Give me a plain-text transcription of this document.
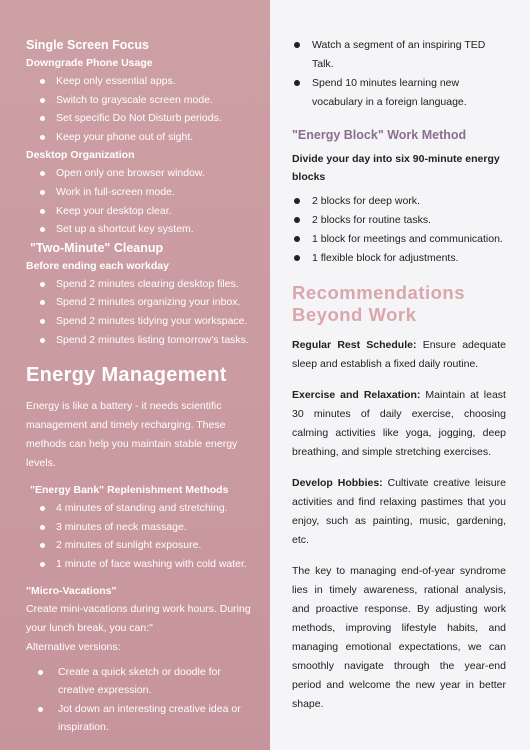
Single Screen Focus
Downgrade Phone Usage
Keep only essential apps.
Switch to grayscale screen mode.
Set specific Do Not Disturb periods.
Keep your phone out of sight.
Desktop Organization
Open only one browser window.
Work in full-screen mode.
Keep your desktop clear.
Set up a shortcut key system.
"Two-Minute" Cleanup
Before ending each workday
Spend 2 minutes clearing desktop files.
Spend 2 minutes organizing your inbox.
Spend 2 minutes tidying your workspace.
Spend 2 minutes listing tomorrow's tasks.
Energy Management

Energy is like a battery - it needs scientific management and timely recharging. These methods can help you maintain stable energy levels.

"Energy Bank" Replenishment Methods
4 minutes of standing and stretching.
3 minutes of neck massage.
2 minutes of sunlight exposure.
1 minute of face washing with cold water.
"Micro-Vacations"

Create mini-vacations during work hours. During your lunch break, you can:"

Alternative versions:

Create a quick sketch or doodle for creative expression.
Jot down an interesting creative idea or inspiration.
Watch a segment of an inspiring TED Talk.
Spend 10 minutes learning new vocabulary in a foreign language.
"Energy Block" Work Method

Divide your day into six 90-minute energy blocks

2 blocks for deep work.
2 blocks for routine tasks.
1 block for meetings and communication.
1 flexible block for adjustments.
Recommendations Beyond Work

Regular Rest Schedule: Ensure adequate sleep and establish a fixed daily routine.

Exercise and Relaxation: Maintain at least 30 minutes of daily exercise, choosing calming activities like yoga, jogging, deep breathing, and simple stretching exercises.

Develop Hobbies: Cultivate creative leisure activities and find relaxing pastimes that you enjoy, such as painting, music, gardening, etc.

The key to managing end-of-year syndrome lies in timely awareness, rational analysis, and proactive response. By adjusting work methods, improving lifestyle habits, and managing emotional expectations, we can smoothly navigate through the year-end period and welcome the new year in better shape.
